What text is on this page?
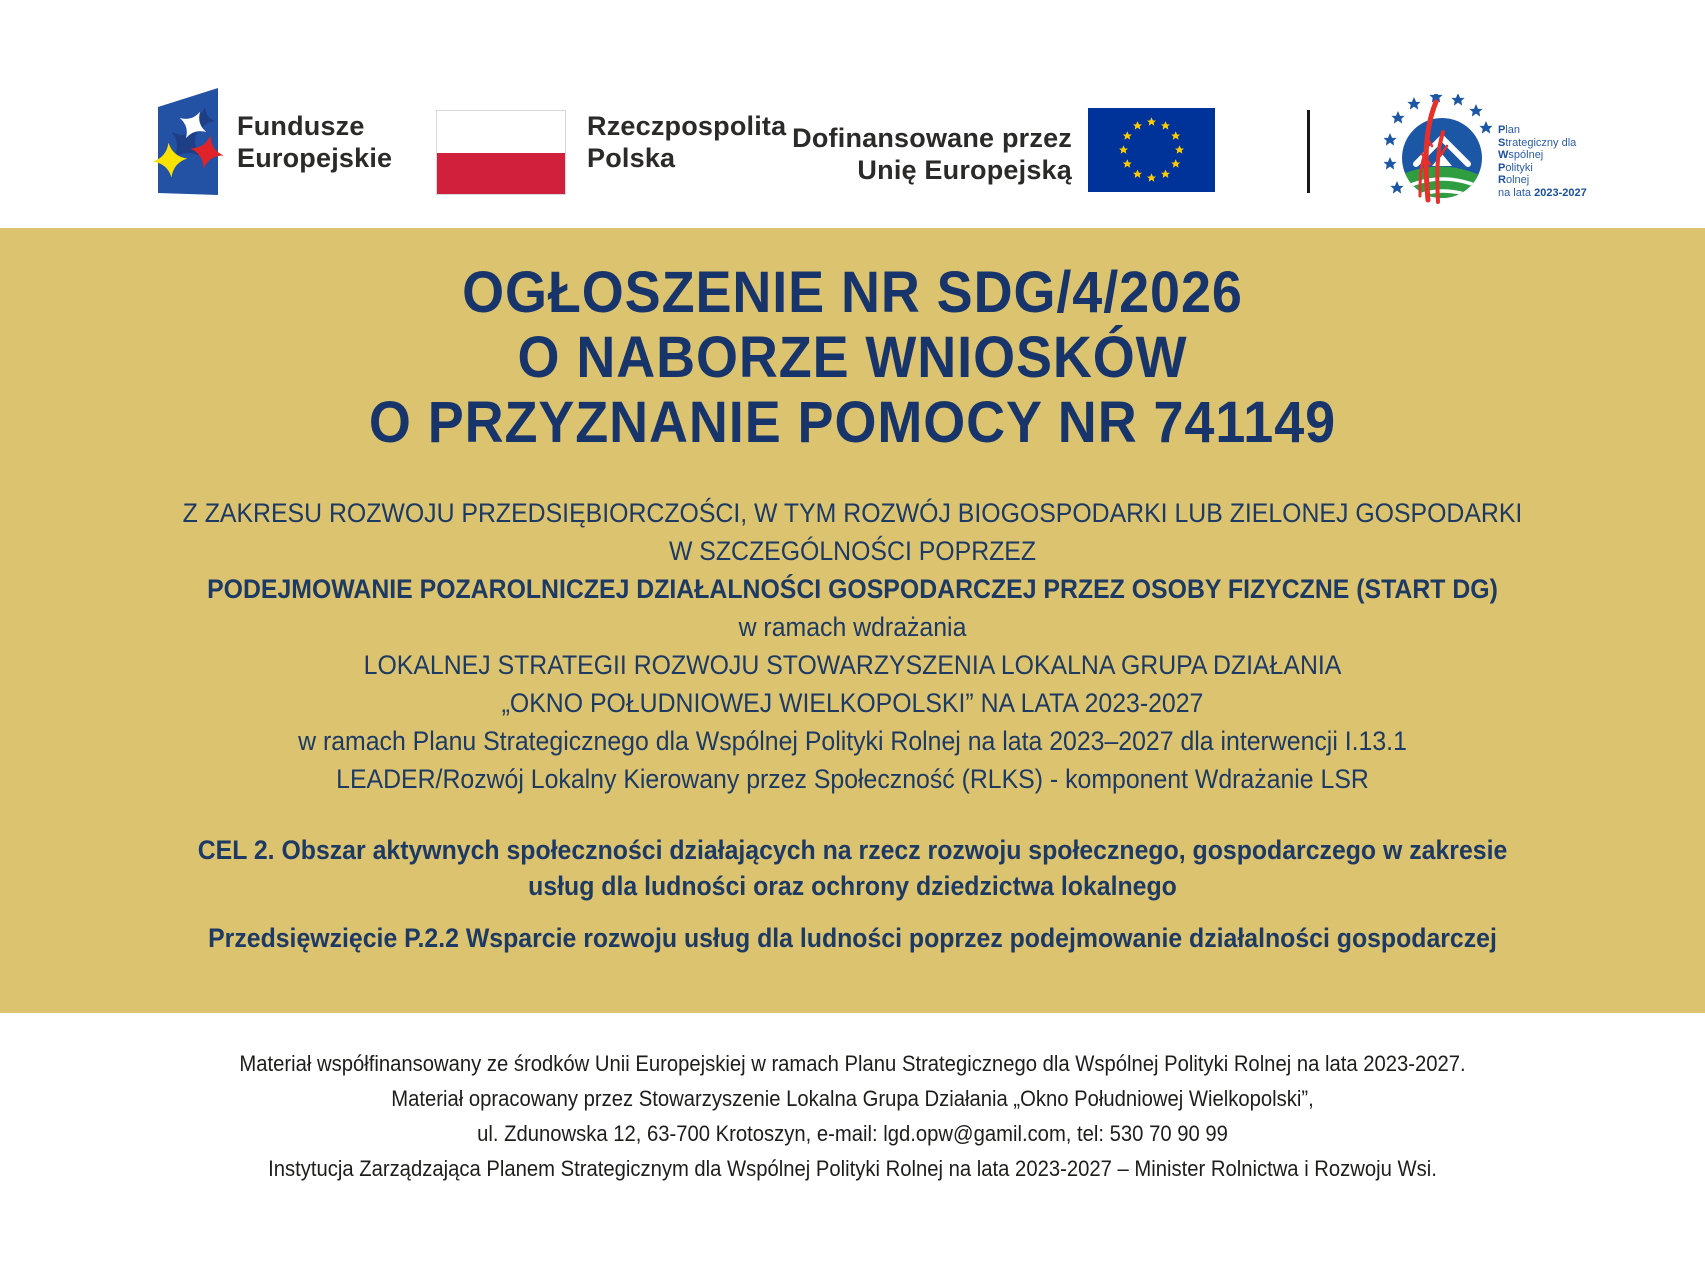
Fundusze
Europejskie
Rzeczpospolita
Polska
Dofinansowane przez
Unię Europejską
Plan
Strategiczny dla
Wspólnej
Polityki
Rolnej
na lata 2023-2027
OGŁOSZENIE NR SDG/4/2026
O NABORZE WNIOSKÓW
O PRZYZNANIE POMOCY NR 741149
Z ZAKRESU ROZWOJU PRZEDSIĘBIORCZOŚCI, W TYM ROZWÓJ BIOGOSPODARKI LUB ZIELONEJ GOSPODARKI
W SZCZEGÓLNOŚCI POPRZEZ
PODEJMOWANIE POZAROLNICZEJ DZIAŁALNOŚCI GOSPODARCZEJ PRZEZ OSOBY FIZYCZNE (START DG)
w ramach wdrażania
LOKALNEJ STRATEGII ROZWOJU STOWARZYSZENIA LOKALNA GRUPA DZIAŁANIA
„OKNO POŁUDNIOWEJ WIELKOPOLSKI” NA LATA 2023-2027
w ramach Planu Strategicznego dla Wspólnej Polityki Rolnej na lata 2023–2027 dla interwencji I.13.1
LEADER/Rozwój Lokalny Kierowany przez Społeczność (RLKS) - komponent Wdrażanie LSR
CEL 2. Obszar aktywnych społeczności działających na rzecz rozwoju społecznego, gospodarczego w zakresie
usług dla ludności oraz ochrony dziedzictwa lokalnego
Przedsięwzięcie P.2.2 Wsparcie rozwoju usług dla ludności poprzez podejmowanie działalności gospodarczej
Materiał współfinansowany ze środków Unii Europejskiej w ramach Planu Strategicznego dla Wspólnej Polityki Rolnej na lata 2023-2027.
Materiał opracowany przez Stowarzyszenie Lokalna Grupa Działania „Okno Południowej Wielkopolski”,
ul. Zdunowska 12, 63-700 Krotoszyn, e-mail: lgd.opw@gamil.com, tel: 530 70 90 99
Instytucja Zarządzająca Planem Strategicznym dla Wspólnej Polityki Rolnej na lata 2023-2027 – Minister Rolnictwa i Rozwoju Wsi.
